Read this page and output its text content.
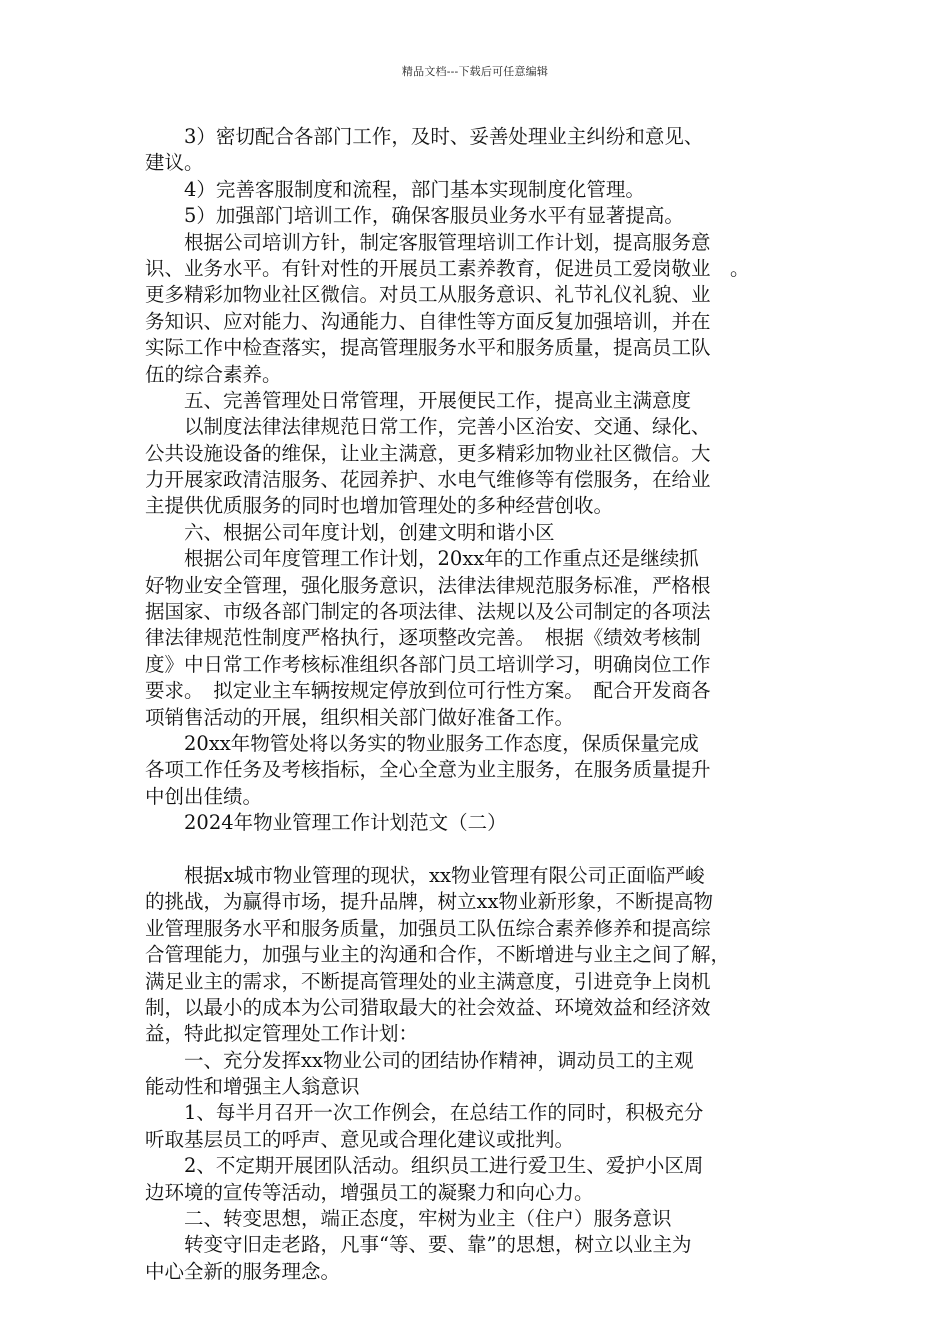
精品文档---下载后可任意编辑
　　3）密切配合各部门工作，及时、妥善处理业主纠纷和意见、
建议。
　　4）完善客服制度和流程，部门基本实现制度化管理。
　　5）加强部门培训工作，确保客服员业务水平有显著提高。
　　根据公司培训方针，制定客服管理培训工作计划，提高服务意
识、业务水平。有针对性的开展员工素养教育，促进员工爱岗敬业　。
更多精彩加物业社区微信。对员工从服务意识、礼节礼仪礼貌、业
务知识、应对能力、沟通能力、自律性等方面反复加强培训，并在
实际工作中检查落实，提高管理服务水平和服务质量，提高员工队
伍的综合素养。
　　五、完善管理处日常管理，开展便民工作，提高业主满意度
　　以制度法律法律规范日常工作，完善小区治安、交通、绿化、
公共设施设备的维保，让业主满意，更多精彩加物业社区微信。大
力开展家政清洁服务、花园养护、水电气维修等有偿服务，在给业
主提供优质服务的同时也增加管理处的多种经营创收。
　　六、根据公司年度计划，创建文明和谐小区
　　根据公司年度管理工作计划，20xx年的工作重点还是继续抓
好物业安全管理，强化服务意识，法律法律规范服务标准，严格根
据国家、市级各部门制定的各项法律、法规以及公司制定的各项法
律法律规范性制度严格执行，逐项整改完善。　根据《绩效考核制
度》中日常工作考核标准组织各部门员工培训学习，明确岗位工作
要求。　拟定业主车辆按规定停放到位可行性方案。　配合开发商各
项销售活动的开展，组织相关部门做好准备工作。
　　20xx年物管处将以务实的物业服务工作态度，保质保量完成
各项工作任务及考核指标，全心全意为业主服务，在服务质量提升
中创出佳绩。
　　2024年物业管理工作计划范文（二）
　　根据x城市物业管理的现状，xx物业管理有限公司正面临严峻
的挑战，为赢得市场，提升品牌，树立xx物业新形象，不断提高物
业管理服务水平和服务质量，加强员工队伍综合素养修养和提高综
合管理能力，加强与业主的沟通和合作，不断增进与业主之间了解，
满足业主的需求，不断提高管理处的业主满意度，引进竞争上岗机
制，以最小的成本为公司猎取最大的社会效益、环境效益和经济效
益，特此拟定管理处工作计划：
　　一、充分发挥xx物业公司的团结协作精神，调动员工的主观
能动性和增强主人翁意识
　　1、每半月召开一次工作例会，在总结工作的同时，积极充分
听取基层员工的呼声、意见或合理化建议或批判。
　　2、不定期开展团队活动。组织员工进行爱卫生、爱护小区周
边环境的宣传等活动，增强员工的凝聚力和向心力。
　　二、转变思想，端正态度，牢树为业主（住户）服务意识
　　转变守旧走老路，凡事“等、要、靠”的思想，树立以业主为
中心全新的服务理念。
